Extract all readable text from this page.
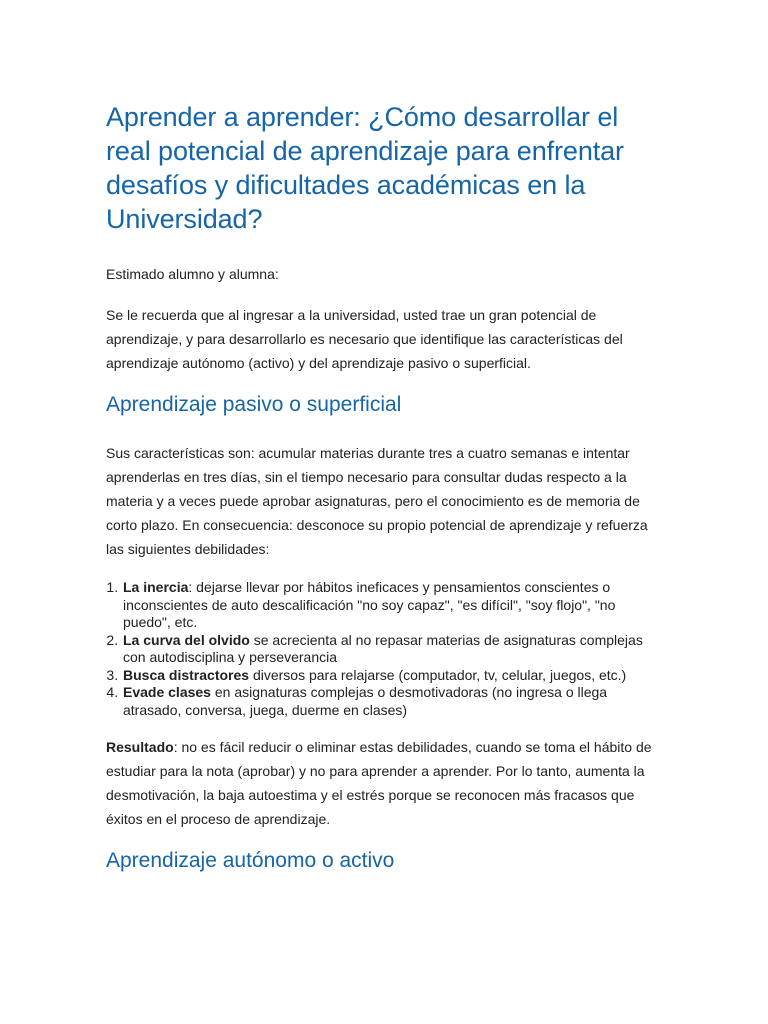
Aprender a aprender: ¿Cómo desarrollar el real potencial de aprendizaje para enfrentar desafíos y dificultades académicas en la Universidad?

Estimado alumno y alumna:

Se le recuerda que al ingresar a la universidad, usted trae un gran potencial de aprendizaje, y para desarrollarlo es necesario que identifique las características del aprendizaje autónomo (activo) y del aprendizaje pasivo o superficial.

Aprendizaje pasivo o superficial

Sus características son: acumular materias durante tres a cuatro semanas e intentar aprenderlas en tres días, sin el tiempo necesario para consultar dudas respecto a la materia y a veces puede aprobar asignaturas, pero el conocimiento es de memoria de corto plazo. En consecuencia: desconoce su propio potencial de aprendizaje y refuerza las siguientes debilidades:

1. La inercia: dejarse llevar por hábitos ineficaces y pensamientos conscientes o inconscientes de auto descalificación "no soy capaz", "es difícil", "soy flojo", "no puedo", etc.
2. La curva del olvido se acrecienta al no repasar materias de asignaturas complejas con autodisciplina y perseverancia
3. Busca distractores diversos para relajarse (computador, tv, celular, juegos, etc.)
4. Evade clases en asignaturas complejas o desmotivadoras (no ingresa o llega atrasado, conversa, juega, duerme en clases)

Resultado: no es fácil reducir o eliminar estas debilidades, cuando se toma el hábito de estudiar para la nota (aprobar) y no para aprender a aprender. Por lo tanto, aumenta la desmotivación, la baja autoestima y el estrés porque se reconocen más fracasos que éxitos en el proceso de aprendizaje.

Aprendizaje autónomo o activo
